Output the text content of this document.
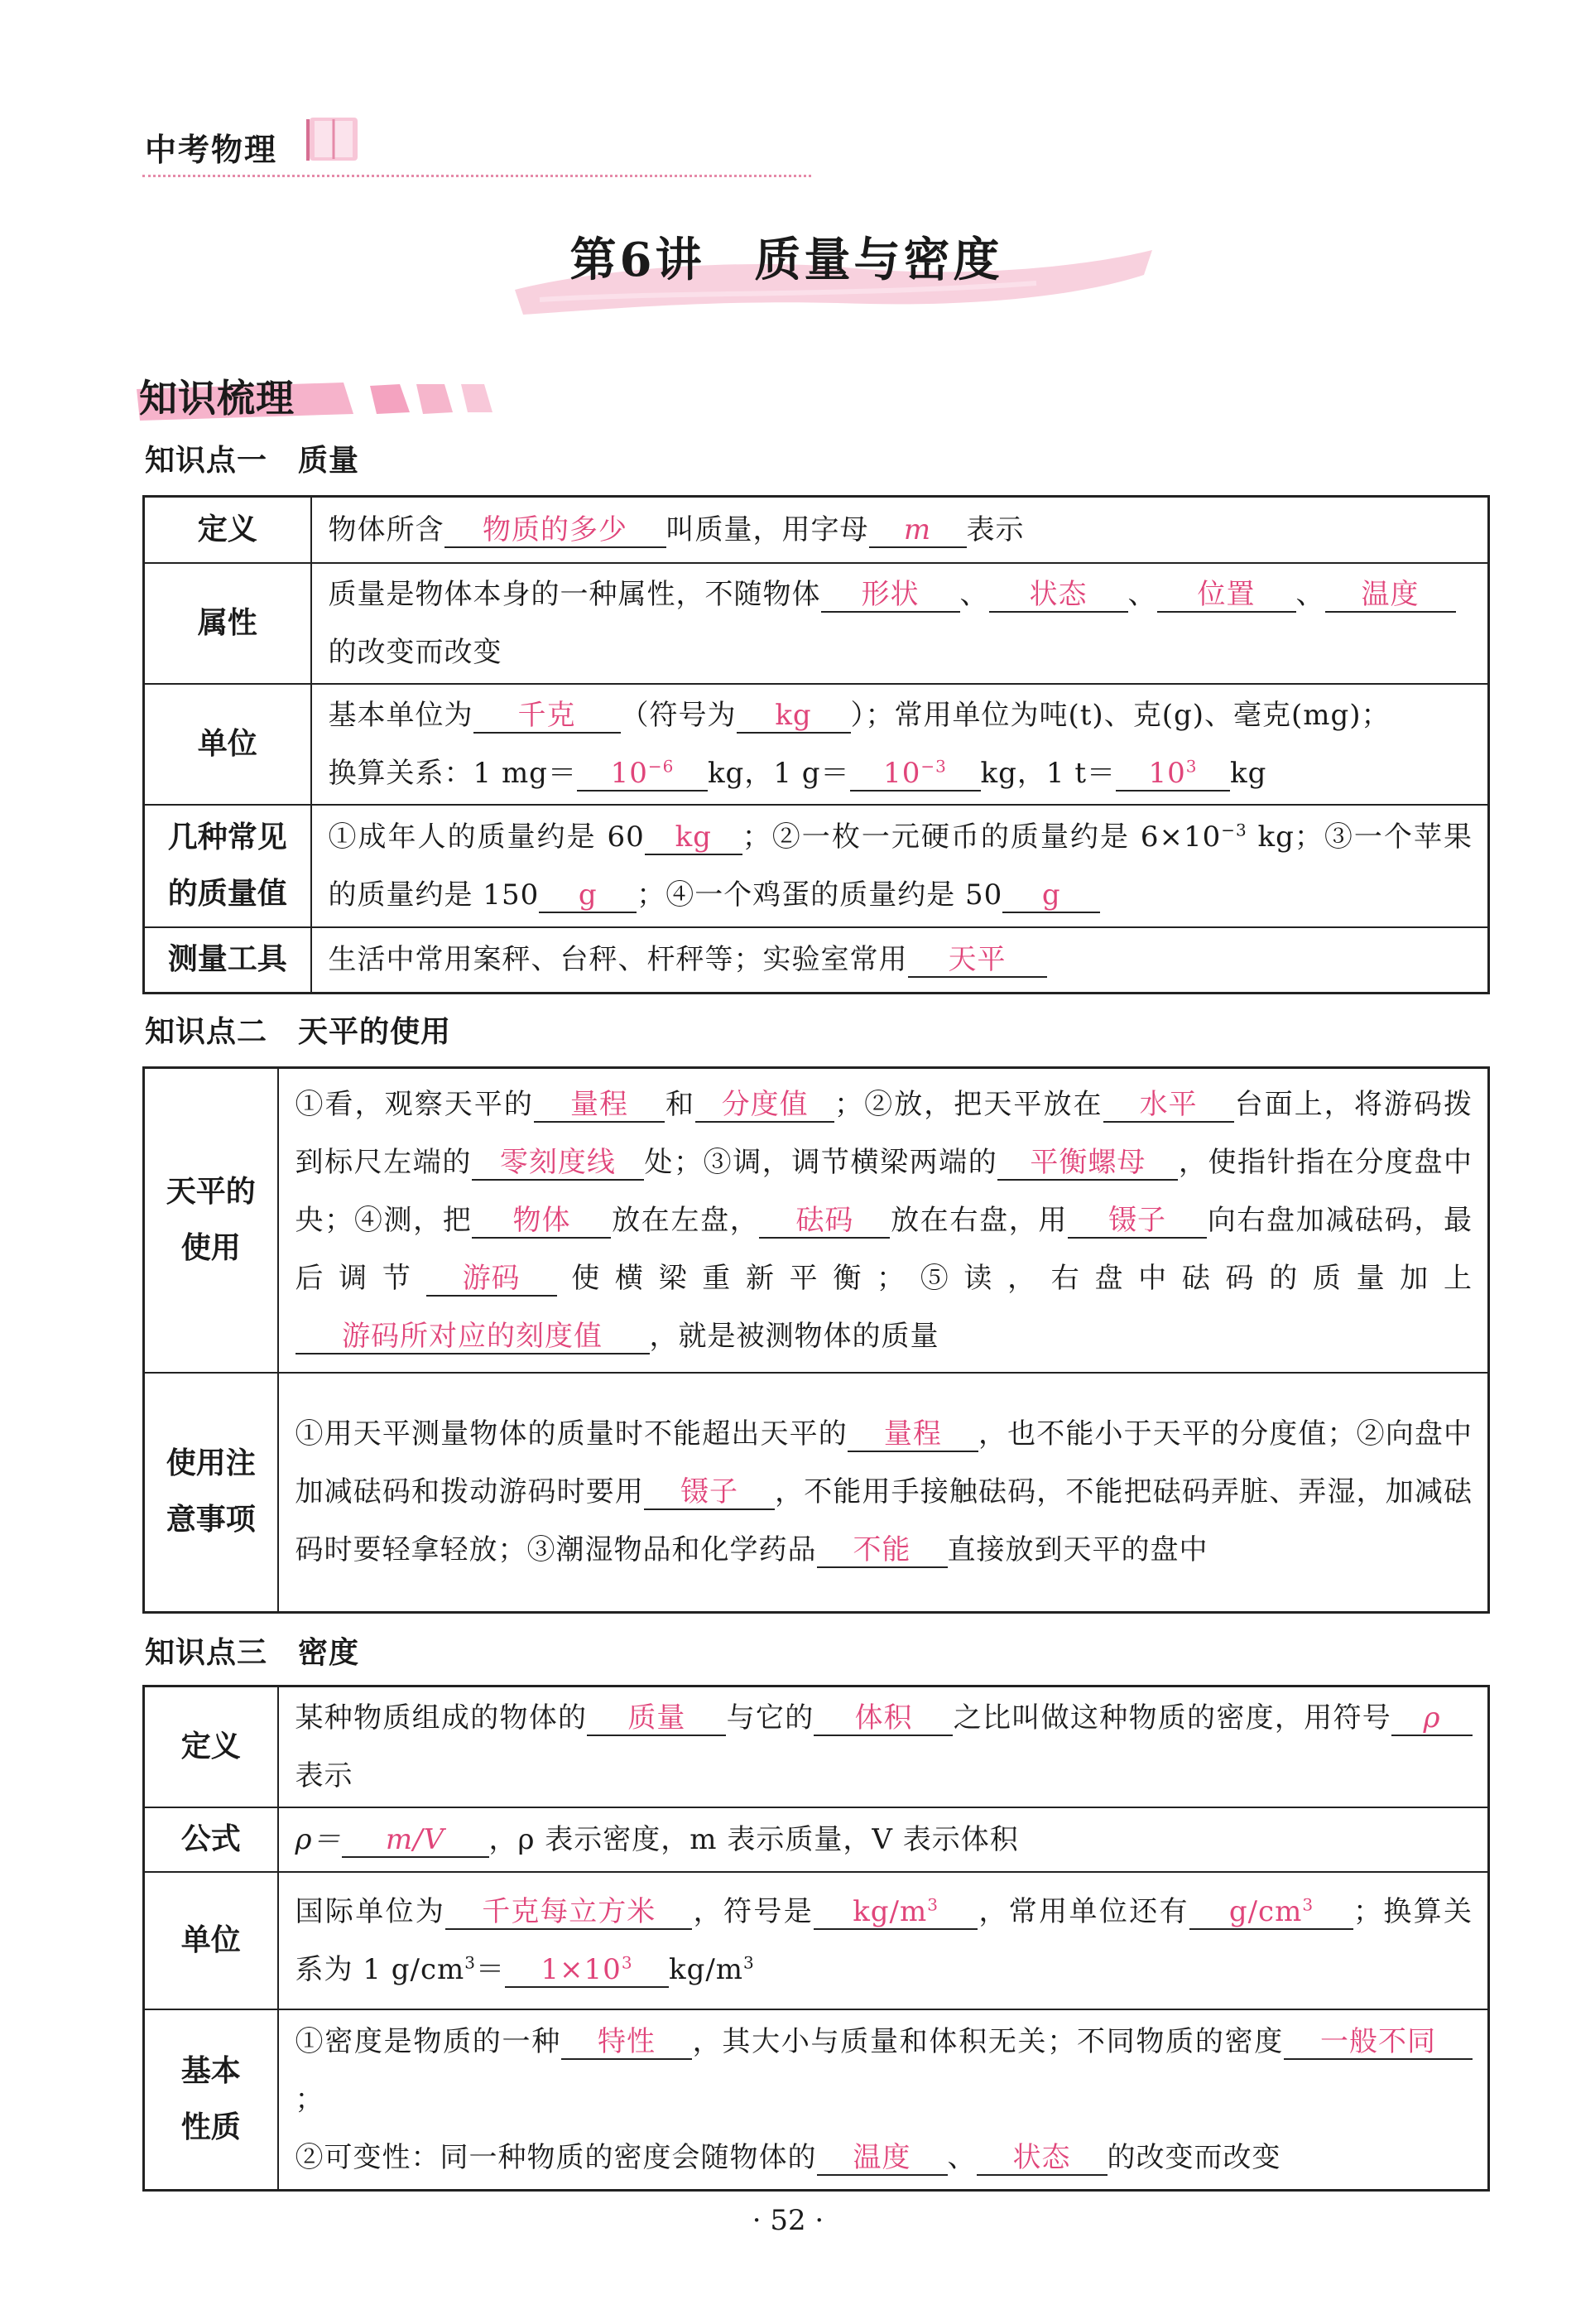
中考物理
第6讲　质量与密度
知识梳理
知识点一　质量
定义	物体所含 物质的多少 叫质量，用字母 m 表示
属性	质量是物体本身的一种属性，不随物体 形状 、 状态 、 位置 、 温度
的改变而改变
单位	基本单位为 千克 （符号为 kg ）；常用单位为吨(t)、克(g)、毫克(mg)；
换算关系：1 $mg= 10^{-6}$ kg，1 $g= 10^{-3}$ kg，1 $t= 10^3$ kg
几种常见
的质量值	①成年人的质量约是 60 kg ；②一枚一元硬币的质量约是 $6\times 10^{-3}$ kg；③一个苹果的质量约是 150 g ；④一个鸡蛋的质量约是 50 g
测量工具	生活中常用案秤、台秤、杆秤等；实验室常用 天平
知识点二　天平的使用
天平的
使用	①看，观察天平的 量程 和 分度值 ；②放，把天平放在 水平 台面上，将游码拨到标尺左端的 零刻度线 处；③调，调节横梁两端的 平衡螺母 ，使指针指在分度盘中央；④测，把 物体 放在左盘， 砝码 放在右盘，用 镊子 向右盘加减砝码，最后调节 游码 使横梁重新平衡；⑤读，右盘中砝码的质量加上游码所对应的刻度值 ，就是被测物体的质量
使用注
意事项	①用天平测量物体的质量时不能超出天平的 量程 ，也不能小于天平的分度值；②向盘中加减砝码和拨动游码时要用 镊子 ，不能用手接触砝码，不能把砝码弄脏、弄湿，加减砝码时要轻拿轻放；③潮湿物品和化学药品 不能 直接放到天平的盘中
知识点三　密度
定义	某种物质组成的物体的 质量 与它的 体积 之比叫做这种物质的密度，用符号 ρ表示
公式	ρ＝ m/V ，ρ 表示密度，m 表示质量，V 表示体积
单位	国际单位为 千克每立方米 ，符号是 $kg/m^3$ ，常用单位还有 $g/cm^3$ ；换算关系为 1 $g/cm^3= 1\times 10^3$ $kg/m^3$
基本
性质	①密度是物质的一种 特性 ，其大小与质量和体积无关；不同物质的密度 一般不同；
②可变性：同一种物质的密度会随物体的 温度 、 状态 的改变而改变
· 52 ·
